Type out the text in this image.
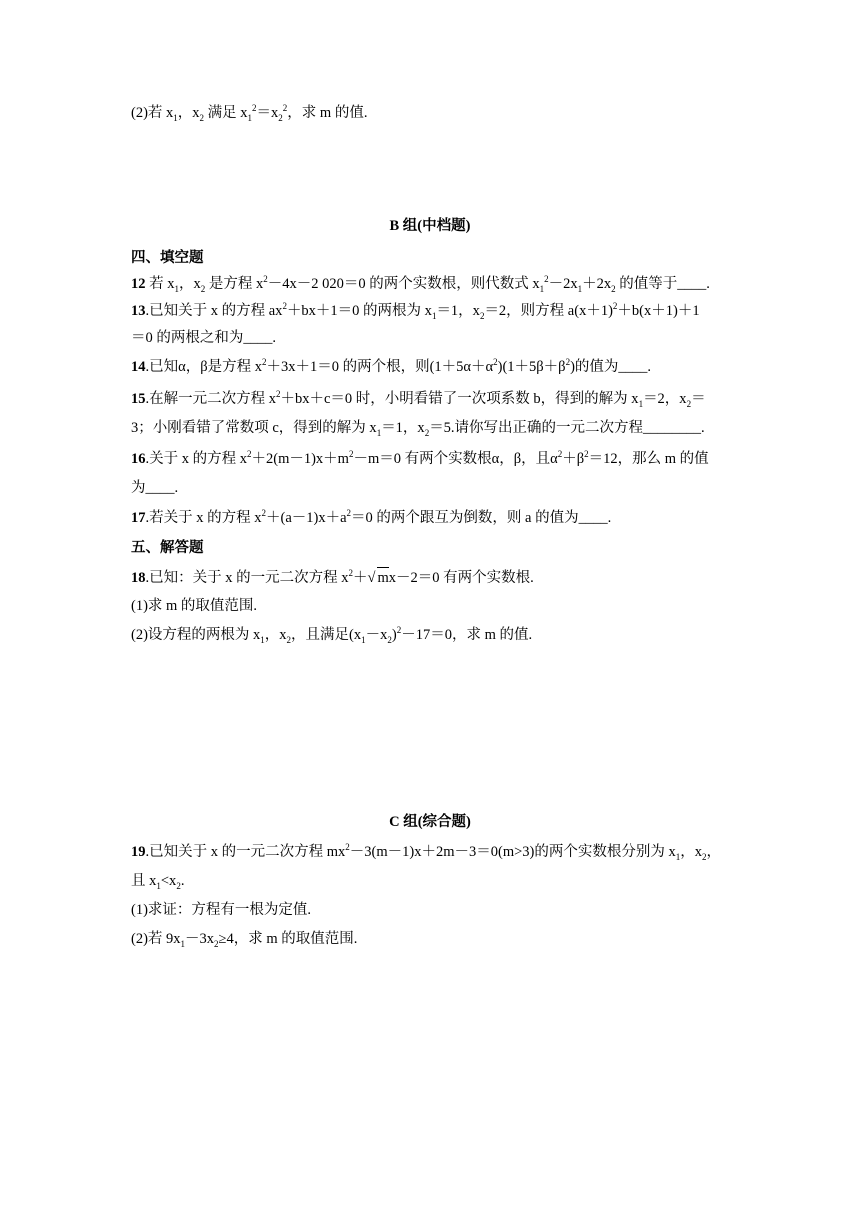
B 组(中档题)
C 组(综合题)
(2)若 $x_1$，$x_2$ 满足 $x_1^2=x_2^2$，求 m 的值.
四、填空题
12 若 $x_1$，$x_2$ 是方程 $x^2-4x-2$ 020＝0 的两个实数根，则代数式 $x_1^2-2x_1+2x_2$ 的值等于____.
13.已知关于 x 的方程 $ax^2+bx+1=0$ 的两根为 $x_1=1$，$x_2=2$，则方程 $a(x+1)^2+b(x+1)+1$
＝0 的两根之和为____.
14.已知α，β是方程 $x^2+3x+1=0$ 的两个根，则$(1+5\alpha+\alpha^2)(1+5\beta+\beta^2)$的值为____.
15.在解一元二次方程 $x^2+bx+c=0$ 时，小明看错了一次项系数 b，得到的解为 $x_1=2$，$x_2=$
3；小刚看错了常数项 c，得到的解为 $x_1=1$，$x_2=5$.请你写出正确的一元二次方程________.
16.关于 x 的方程 $x^2+2(m-1)x+m^2-m=0$ 有两个实数根α，β，且$\alpha^2+\beta^2=12$，那么 m 的值
为____.
17.若关于 x 的方程 $x^2+(a-1)x+a^2=0$ 的两个跟互为倒数，则 a 的值为____.
五、解答题
18.已知：关于 x 的一元二次方程 $x^2+√$ mx－2＝0 有两个实数根.
(1)求 m 的取值范围.
(2)设方程的两根为 $x_1$，$x_2$，且满足$(x_1-x_2)^2-17=0$，求 m 的值.
19.已知关于 x 的一元二次方程 $mx^2-3(m-1)x+2m-3=0(m>3)$的两个实数根分别为 $x_1$，$x_2$，
且 $x_1<x_2$.
(1)求证：方程有一根为定值.
(2)若 $9x_1-3x_2\ge 4$，求 m 的取值范围.
